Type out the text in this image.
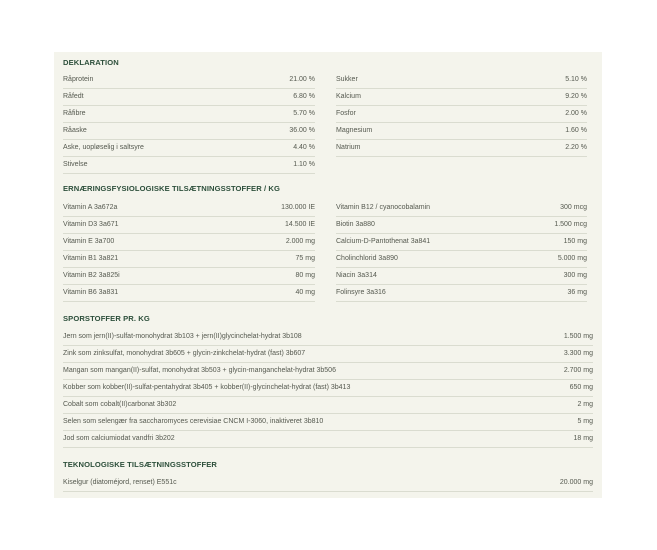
DEKLARATION
Råprotein	21.00 %
Råfedt	6.80 %
Råfibre	5.70 %
Råaske	36.00 %
Aske, uopløselig i saltsyre	4.40 %
Stivelse	1.10 %
Sukker	5.10 %
Kalcium	9.20 %
Fosfor	2.00 %
Magnesium	1.60 %
Natrium	2.20 %
ERNÆRINGSFYSIOLOGISKE TILSÆTNINGSSTOFFER / KG
Vitamin A 3a672a	130.000 IE
Vitamin D3 3a671	14.500 IE
Vitamin E 3a700	2.000 mg
Vitamin B1 3a821	75 mg
Vitamin B2 3a825i	80 mg
Vitamin B6 3a831	40 mg
Vitamin B12 / cyanocobalamin	300 mcg
Biotin 3a880	1.500 mcg
Calcium-D-Pantothenat 3a841	150 mg
Cholinchlorid 3a890	5.000 mg
Niacin 3a314	300 mg
Folinsyre 3a316	36 mg
SPORSTOFFER PR. KG
Jern som jern(II)-sulfat-monohydrat 3b103 + jern(II)glycinchelat-hydrat 3b108	1.500 mg
Zink som zinksulfat, monohydrat 3b605 + glycin-zinkchelat-hydrat (fast) 3b607	3.300 mg
Mangan som mangan(II)-sulfat, monohydrat 3b503 + glycin-manganchelat-hydrat 3b506	2.700 mg
Kobber som kobber(II)-sulfat-pentahydrat 3b405 + kobber(II)-glycinchelat-hydrat (fast) 3b413	650 mg
Cobalt som cobalt(II)carbonat 3b302	2 mg
Selen som selengær fra saccharomyces cerevisiae CNCM I-3060, inaktiveret 3b810	5 mg
Jod som calciumiodat vandfri 3b202	18 mg
TEKNOLOGISKE TILSÆTNINGSSTOFFER
Kiselgur (diatoméjord, renset) E551c	20.000 mg
